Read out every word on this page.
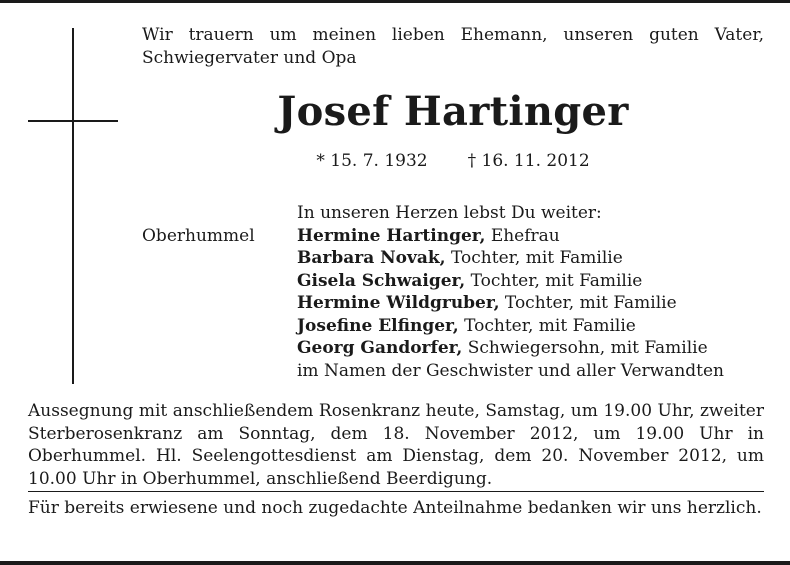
Wir trauern um meinen lieben Ehemann, unseren guten Vater, Schwiegervater und Opa

Josef Hartinger
* 15. 7. 1932 † 16. 11. 2012
Oberhummel
In unseren Herzen lebst Du weiter:
Hermine Hartinger, Ehefrau
Barbara Novak, Tochter, mit Familie
Gisela Schwaiger, Tochter, mit Familie
Hermine Wildgruber, Tochter, mit Familie
Josefine Elfinger, Tochter, mit Familie
Georg Gandorfer, Schwiegersohn, mit Familie
im Namen der Geschwister und aller Verwandten

Aussegnung mit anschließendem Rosenkranz heute, Samstag, um 19.00 Uhr, zweiter Sterberosenkranz am Sonntag, dem 18. November 2012, um 19.00 Uhr in Oberhummel. Hl. Seelengottesdienst am Dienstag, dem 20. November 2012, um 10.00 Uhr in Oberhummel, anschließend Beerdigung.

Für bereits erwiesene und noch zugedachte Anteilnahme bedanken wir uns herzlich.
